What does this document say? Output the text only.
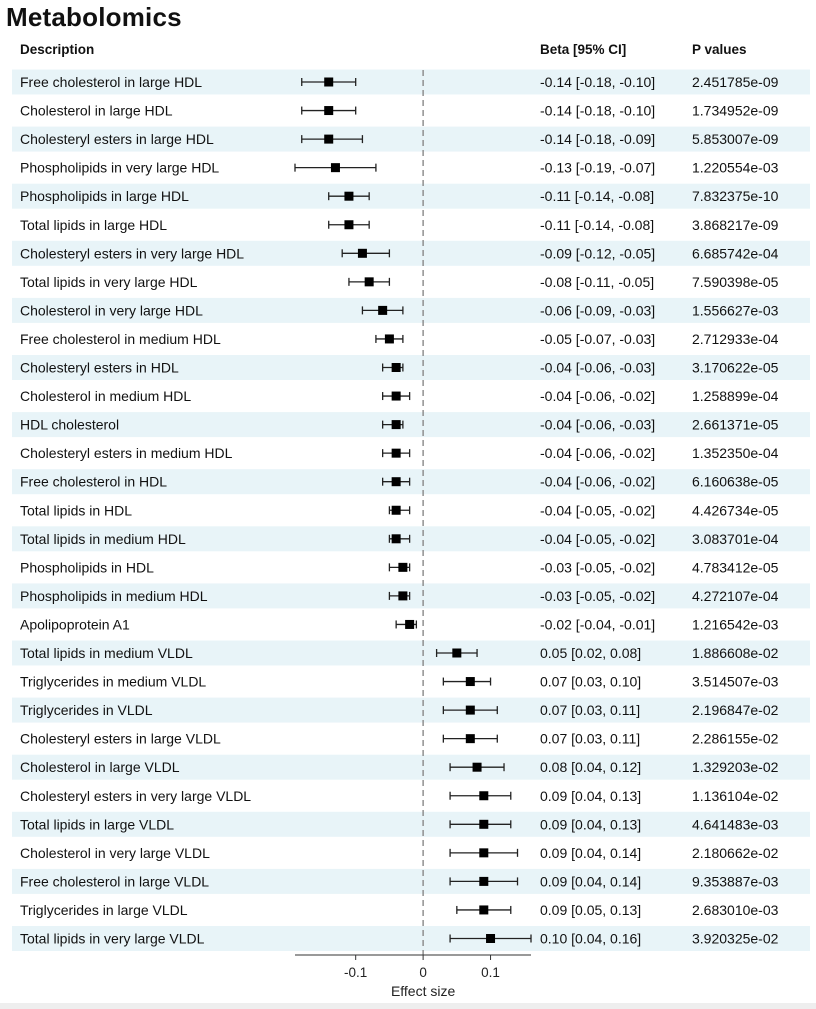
Metabolomics
Description	Beta [95% CI]	P values
Free cholesterol in large HDL	-0.14 [-0.18, -0.10]	2.451785e-09
Cholesterol in large HDL	-0.14 [-0.18, -0.10]	1.734952e-09
Cholesteryl esters in large HDL	-0.14 [-0.18, -0.09]	5.853007e-09
Phospholipids in very large HDL	-0.13 [-0.19, -0.07]	1.220554e-03
Phospholipids in large HDL	-0.11 [-0.14, -0.08]	7.832375e-10
Total lipids in large HDL	-0.11 [-0.14, -0.08]	3.868217e-09
Cholesteryl esters in very large HDL	-0.09 [-0.12, -0.05]	6.685742e-04
Total lipids in very large HDL	-0.08 [-0.11, -0.05]	7.590398e-05
Cholesterol in very large HDL	-0.06 [-0.09, -0.03]	1.556627e-03
Free cholesterol in medium HDL	-0.05 [-0.07, -0.03]	2.712933e-04
Cholesteryl esters in HDL	-0.04 [-0.06, -0.03]	3.170622e-05
Cholesterol in medium HDL	-0.04 [-0.06, -0.02]	1.258899e-04
HDL cholesterol	-0.04 [-0.06, -0.03]	2.661371e-05
Cholesteryl esters in medium HDL	-0.04 [-0.06, -0.02]	1.352350e-04
Free cholesterol in HDL	-0.04 [-0.06, -0.02]	6.160638e-05
Total lipids in HDL	-0.04 [-0.05, -0.02]	4.426734e-05
Total lipids in medium HDL	-0.04 [-0.05, -0.02]	3.083701e-04
Phospholipids in HDL	-0.03 [-0.05, -0.02]	4.783412e-05
Phospholipids in medium HDL	-0.03 [-0.05, -0.02]	4.272107e-04
Apolipoprotein A1	-0.02 [-0.04, -0.01]	1.216542e-03
Total lipids in medium VLDL	0.05 [0.02, 0.08]	1.886608e-02
Triglycerides in medium VLDL	0.07 [0.03, 0.10]	3.514507e-03
Triglycerides in VLDL	0.07 [0.03, 0.11]	2.196847e-02
Cholesteryl esters in large VLDL	0.07 [0.03, 0.11]	2.286155e-02
Cholesterol in large VLDL	0.08 [0.04, 0.12]	1.329203e-02
Cholesteryl esters in very large VLDL	0.09 [0.04, 0.13]	1.136104e-02
Total lipids in large VLDL	0.09 [0.04, 0.13]	4.641483e-03
Cholesterol in very large VLDL	0.09 [0.04, 0.14]	2.180662e-02
Free cholesterol in large VLDL	0.09 [0.04, 0.14]	9.353887e-03
Triglycerides in large VLDL	0.09 [0.05, 0.13]	2.683010e-03
Total lipids in very large VLDL	0.10 [0.04, 0.16]	3.920325e-02
-0.1	0	0.1
Effect size
